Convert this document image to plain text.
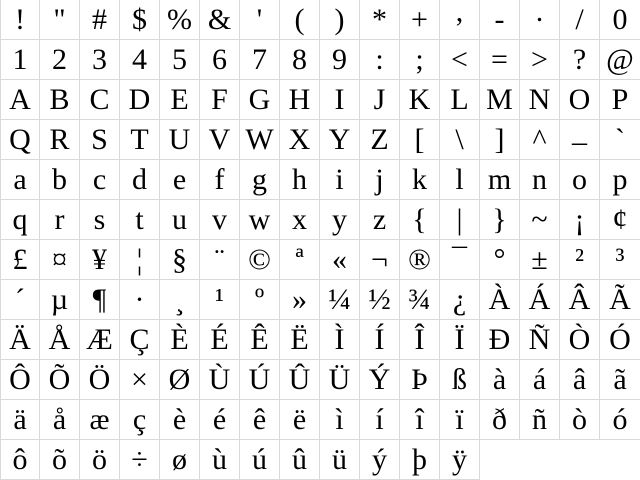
! " # $ % & ' ( ) * + , - . / 0
1 2 3 4 5 6 7 8 9 : ; < = > ? @
A B C D E F G H I J K L M N O P
Q R S T U V W X Y Z [ \ ] ^ _ `
a b c d e f g h i j k l m n o p
q r s t u v w x y z { | } ~ ¡ ¢
£ ¤ ¥ ¦ § ¨ © ª « ¬ ® ¯ ° ± ² ³
´ µ ¶ · ¸ ¹ º » ¼ ½ ¾ ¿ À Á Â Ã
Ä Å Æ Ç È É Ê Ë Ì Í Î Ï Ð Ñ Ò Ó
Ô Õ Ö × Ø Ù Ú Û Ü Ý Þ ß à á â ã
ä å æ ç è é ê ë ì í î ï ð ñ ò ó
ô õ ö ÷ ø ù ú û ü ý þ ÿ
